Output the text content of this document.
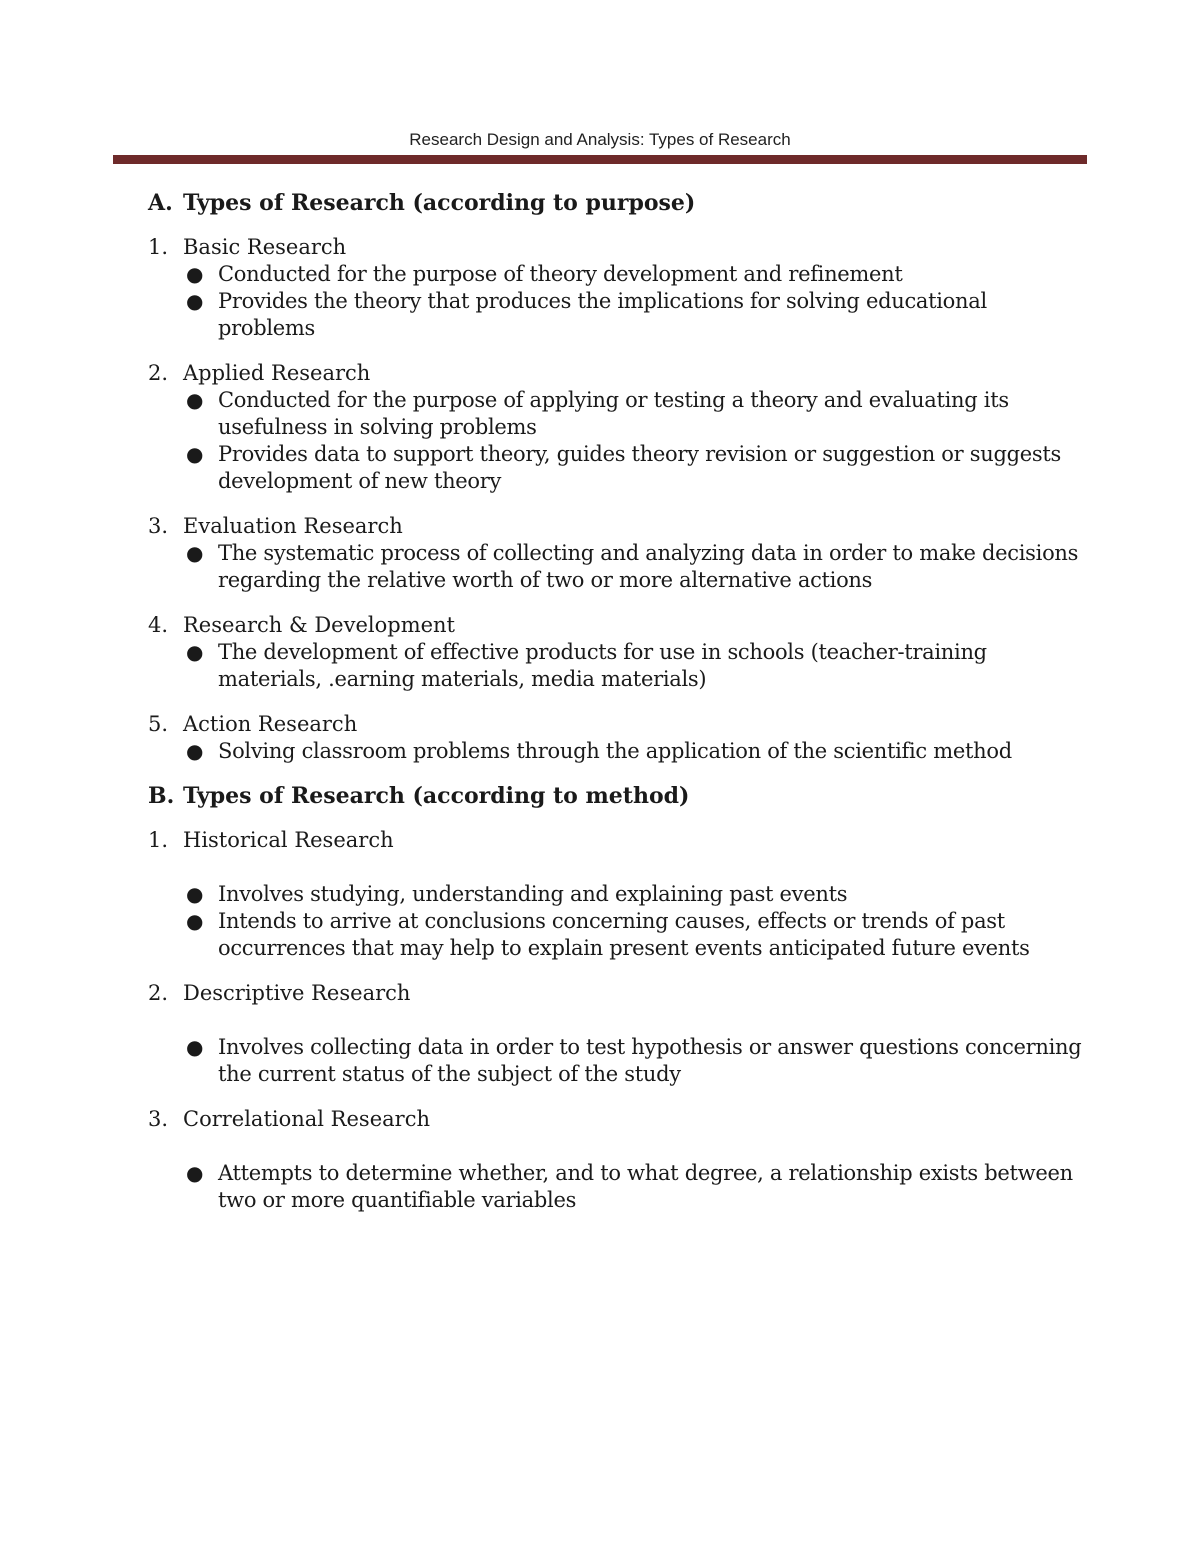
Research Design and Analysis: Types of Research
A. Types of Research (according to purpose)
1. Basic Research
● Conducted for the purpose of theory development and refinement
● Provides the theory that produces the implications for solving educational problems
2. Applied Research
● Conducted for the purpose of applying or testing a theory and evaluating its usefulness in solving problems
● Provides data to support theory, guides theory revision or suggestion or suggests development of new theory
3. Evaluation Research
● The systematic process of collecting and analyzing data in order to make decisions regarding the relative worth of two or more alternative actions
4. Research & Development
● The development of effective products for use in schools (teacher-training materials, .earning materials, media materials)
5. Action Research
● Solving classroom problems through the application of the scientific method
B. Types of Research (according to method)
1. Historical Research
● Involves studying, understanding and explaining past events
● Intends to arrive at conclusions concerning causes, effects or trends of past occurrences that may help to explain present events anticipated future events
2. Descriptive Research
● Involves collecting data in order to test hypothesis or answer questions concerning the current status of the subject of the study
3. Correlational Research
● Attempts to determine whether, and to what degree, a relationship exists between two or more quantifiable variables
